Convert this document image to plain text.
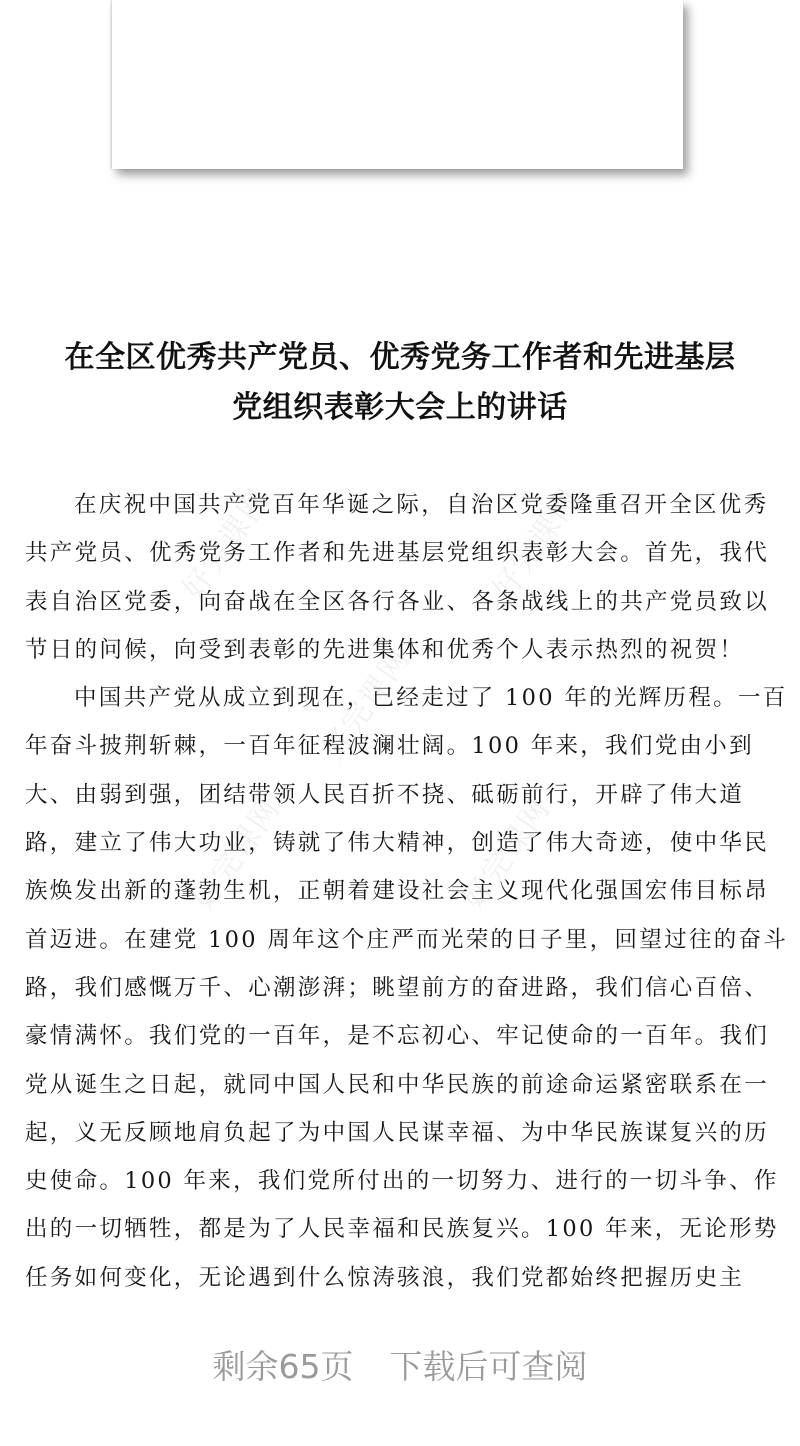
在全区优秀共产党员、优秀党务工作者和先进基层
党组织表彰大会上的讲话
好完课网	好完课网
好完课网	好完课网
好完课网
在庆祝中国共产党百年华诞之际，自治区党委隆重召开全区优秀
共产党员、优秀党务工作者和先进基层党组织表彰大会。首先，我代
表自治区党委，向奋战在全区各行各业、各条战线上的共产党员致以
节日的问候，向受到表彰的先进集体和优秀个人表示热烈的祝贺！
中国共产党从成立到现在，已经走过了 100 年的光辉历程。一百
年奋斗披荆斩棘，一百年征程波澜壮阔。100 年来，我们党由小到
大、由弱到强，团结带领人民百折不挠、砥砺前行，开辟了伟大道
路，建立了伟大功业，铸就了伟大精神，创造了伟大奇迹，使中华民
族焕发出新的蓬勃生机，正朝着建设社会主义现代化强国宏伟目标昂
首迈进。在建党 100 周年这个庄严而光荣的日子里，回望过往的奋斗
路，我们感慨万千、心潮澎湃；眺望前方的奋进路，我们信心百倍、
豪情满怀。我们党的一百年，是不忘初心、牢记使命的一百年。我们
党从诞生之日起，就同中国人民和中华民族的前途命运紧密联系在一
起，义无反顾地肩负起了为中国人民谋幸福、为中华民族谋复兴的历
史使命。100 年来，我们党所付出的一切努力、进行的一切斗争、作
出的一切牺牲，都是为了人民幸福和民族复兴。100 年来，无论形势
任务如何变化，无论遇到什么惊涛骇浪，我们党都始终把握历史主
剩余65页 下载后可查阅
